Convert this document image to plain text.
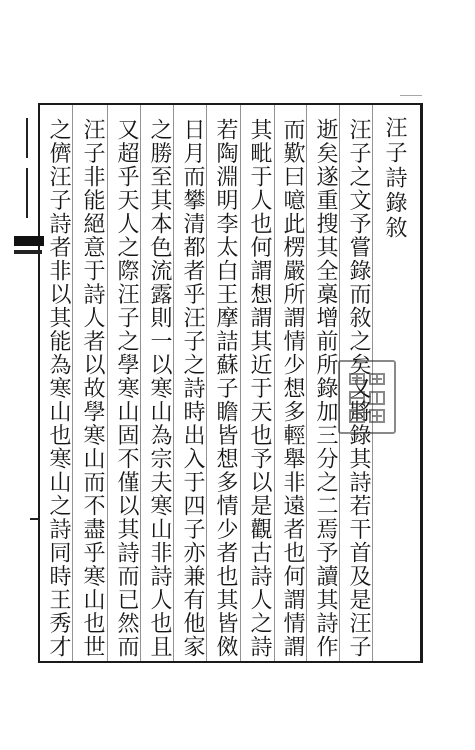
汪子詩錄敘
汪子之文予嘗錄而敘之矣又將錄其詩若干首及是汪子
逝矣遂重搜其全槀增前所錄加三分之二焉予讀其詩作
而歎曰噫此楞嚴所謂情少想多輕舉非遠者也何謂情謂
其毗于人也何謂想謂其近于天也予以是觀古詩人之詩
若陶淵明李太白王摩詰蘇子瞻皆想多情少者也其皆傚
日月而攀清都者乎汪子之詩時出入于四子亦兼有他家
之勝至其本色流露則一以寒山為宗夫寒山非詩人也且
又超乎天人之際汪子之學寒山固不僅以其詩而已然而
汪子非能絕意于詩人者以故學寒山而不盡乎寒山也世
之儕汪子詩者非以其能為寒山也寒山之詩同時王秀才
